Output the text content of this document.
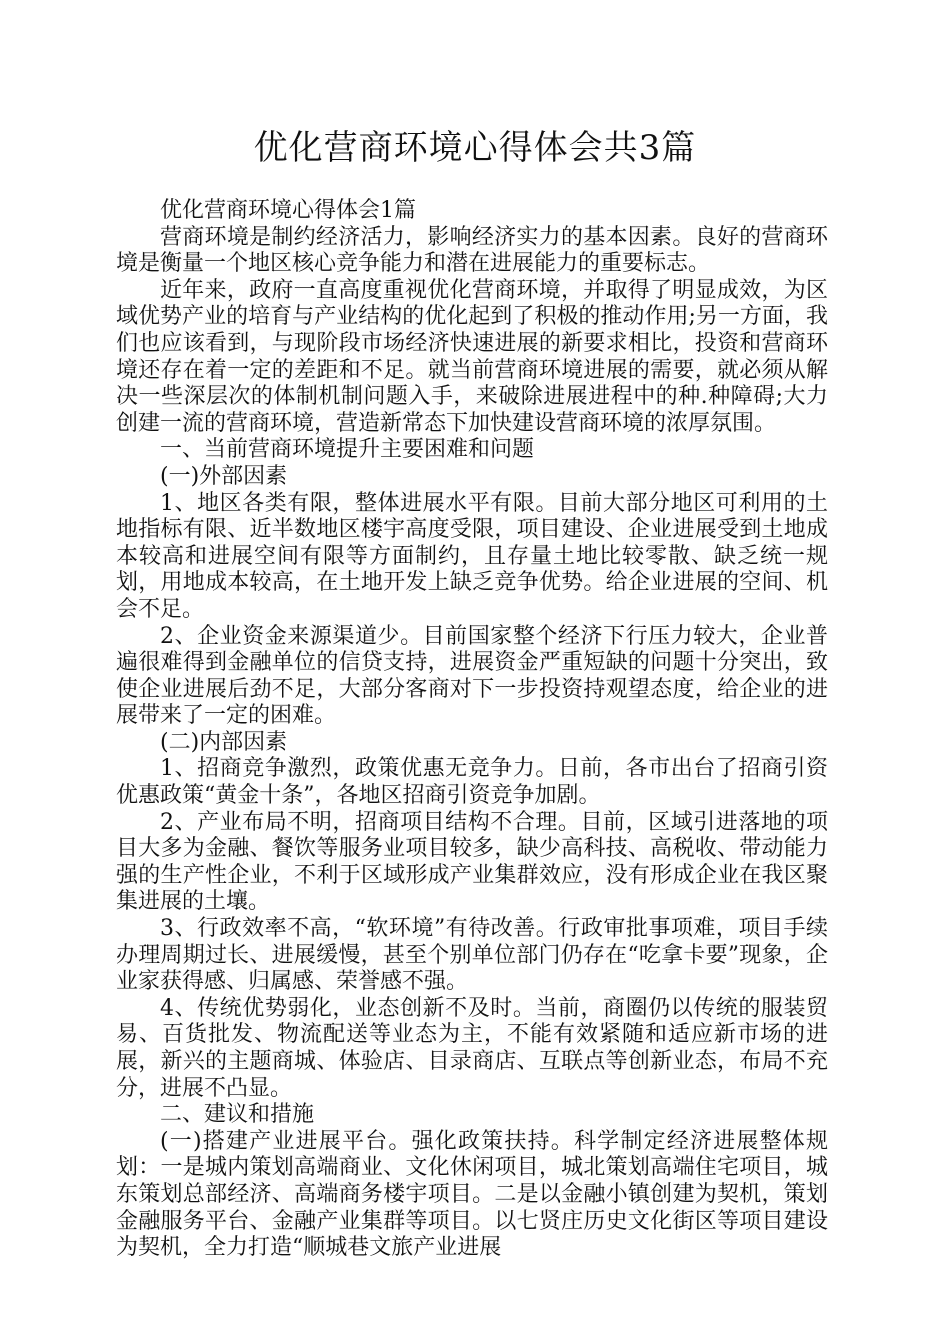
优化营商环境心得体会共3篇

优化营商环境心得体会1篇

营商环境是制约经济活力，影响经济实力的基本因素。良好的营商环境是衡量一个地区核心竞争能力和潜在进展能力的重要标志。

近年来，政府一直高度重视优化营商环境，并取得了明显成效，为区域优势产业的培育与产业结构的优化起到了积极的推动作用;另一方面，我们也应该看到，与现阶段市场经济快速进展的新要求相比，投资和营商环境还存在着一定的差距和不足。就当前营商环境进展的需要，就必须从解决一些深层次的体制机制问题入手，来破除进展进程中的种.种障碍;大力创建一流的营商环境，营造新常态下加快建设营商环境的浓厚氛围。

一、当前营商环境提升主要困难和问题

(一)外部因素

1、地区各类有限，整体进展水平有限。目前大部分地区可利用的土地指标有限、近半数地区楼宇高度受限，项目建设、企业进展受到土地成本较高和进展空间有限等方面制约，且存量土地比较零散、缺乏统一规划，用地成本较高，在土地开发上缺乏竞争优势。给企业进展的空间、机会不足。

2、企业资金来源渠道少。目前国家整个经济下行压力较大，企业普遍很难得到金融单位的信贷支持，进展资金严重短缺的问题十分突出，致使企业进展后劲不足，大部分客商对下一步投资持观望态度，给企业的进展带来了一定的困难。

(二)内部因素

1、招商竞争激烈，政策优惠无竞争力。日前，各市出台了招商引资优惠政策“黄金十条”，各地区招商引资竞争加剧。

2、产业布局不明，招商项目结构不合理。目前，区域引进落地的项目大多为金融、餐饮等服务业项目较多，缺少高科技、高税收、带动能力强的生产性企业，不利于区域形成产业集群效应，没有形成企业在我区聚集进展的土壤。

3、行政效率不高，“软环境”有待改善。行政审批事项难，项目手续办理周期过长、进展缓慢，甚至个别单位部门仍存在“吃拿卡要”现象，企业家获得感、归属感、荣誉感不强。

4、传统优势弱化，业态创新不及时。当前，商圈仍以传统的服装贸易、百货批发、物流配送等业态为主，不能有效紧随和适应新市场的进展，新兴的主题商城、体验店、目录商店、互联点等创新业态，布局不充分，进展不凸显。

二、建议和措施

(一)搭建产业进展平台。强化政策扶持。科学制定经济进展整体规划：一是城内策划高端商业、文化休闲项目，城北策划高端住宅项目，城东策划总部经济、高端商务楼宇项目。二是以金融小镇创建为契机，策划金融服务平台、金融产业集群等项目。以七贤庄历史文化街区等项目建设为契机，全力打造“顺城巷文旅产业进展
